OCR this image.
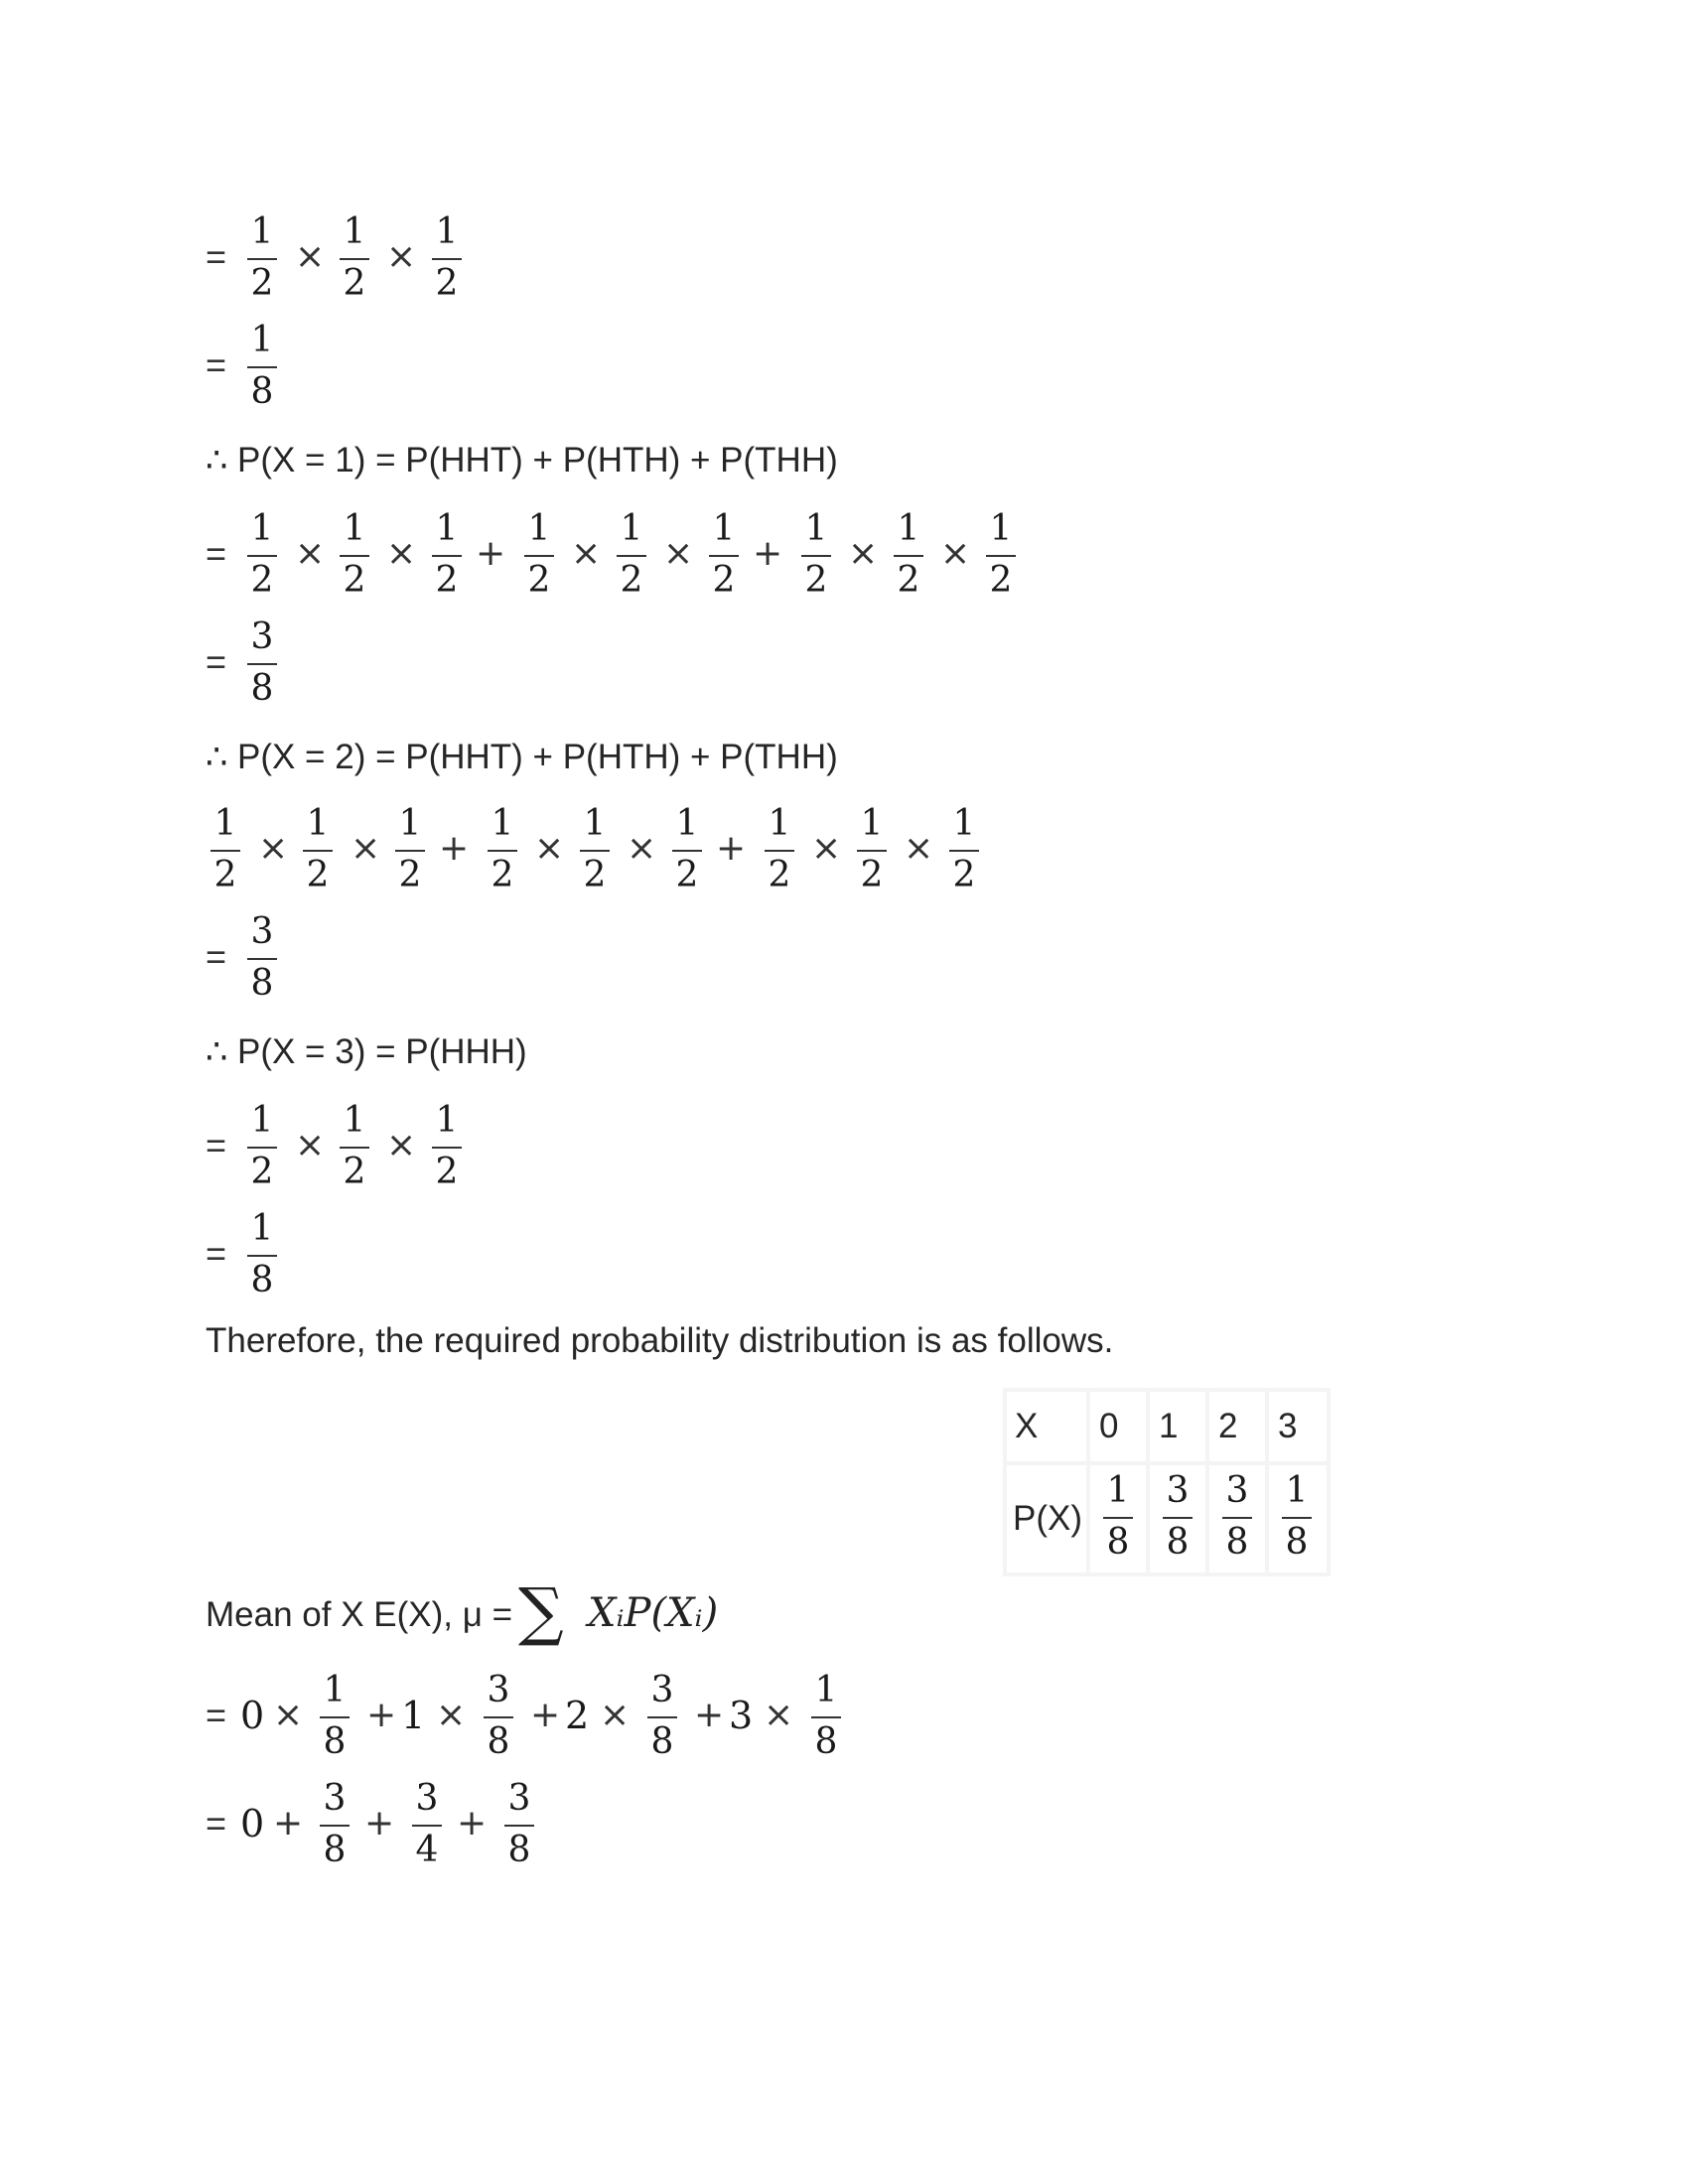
=
1
2
×
1
2
×
1
2
=
1
8
∴ P(X = 1) = P(HHT) + P(HTH) + P(THH)
=
1
2
×
1
2
×
1
2
+
1
2
×
1
2
×
1
2
+
1
2
×
1
2
×
1
2
=
3
8
∴ P(X = 2) = P(HHT) + P(HTH) + P(THH)
1
2
×
1
2
×
1
2
+
1
2
×
1
2
×
1
2
+
1
2
×
1
2
×
1
2
=
3
8
∴ P(X = 3) = P(HHH)
=
1
2
×
1
2
×
1
2
=
1
8
Therefore, the required probability distribution is as follows.
X 0 1 2 3
P(X)
1
8
3
8
3
8
1
8
Mean of X E(X), μ = ∑ XᵢP(Xᵢ)
= 0 ×
1
8
+ 1 ×
3
8
+ 2 ×
3
8
+ 3 ×
1
8
= 0 +
3
8
+
3
4
+
3
8
